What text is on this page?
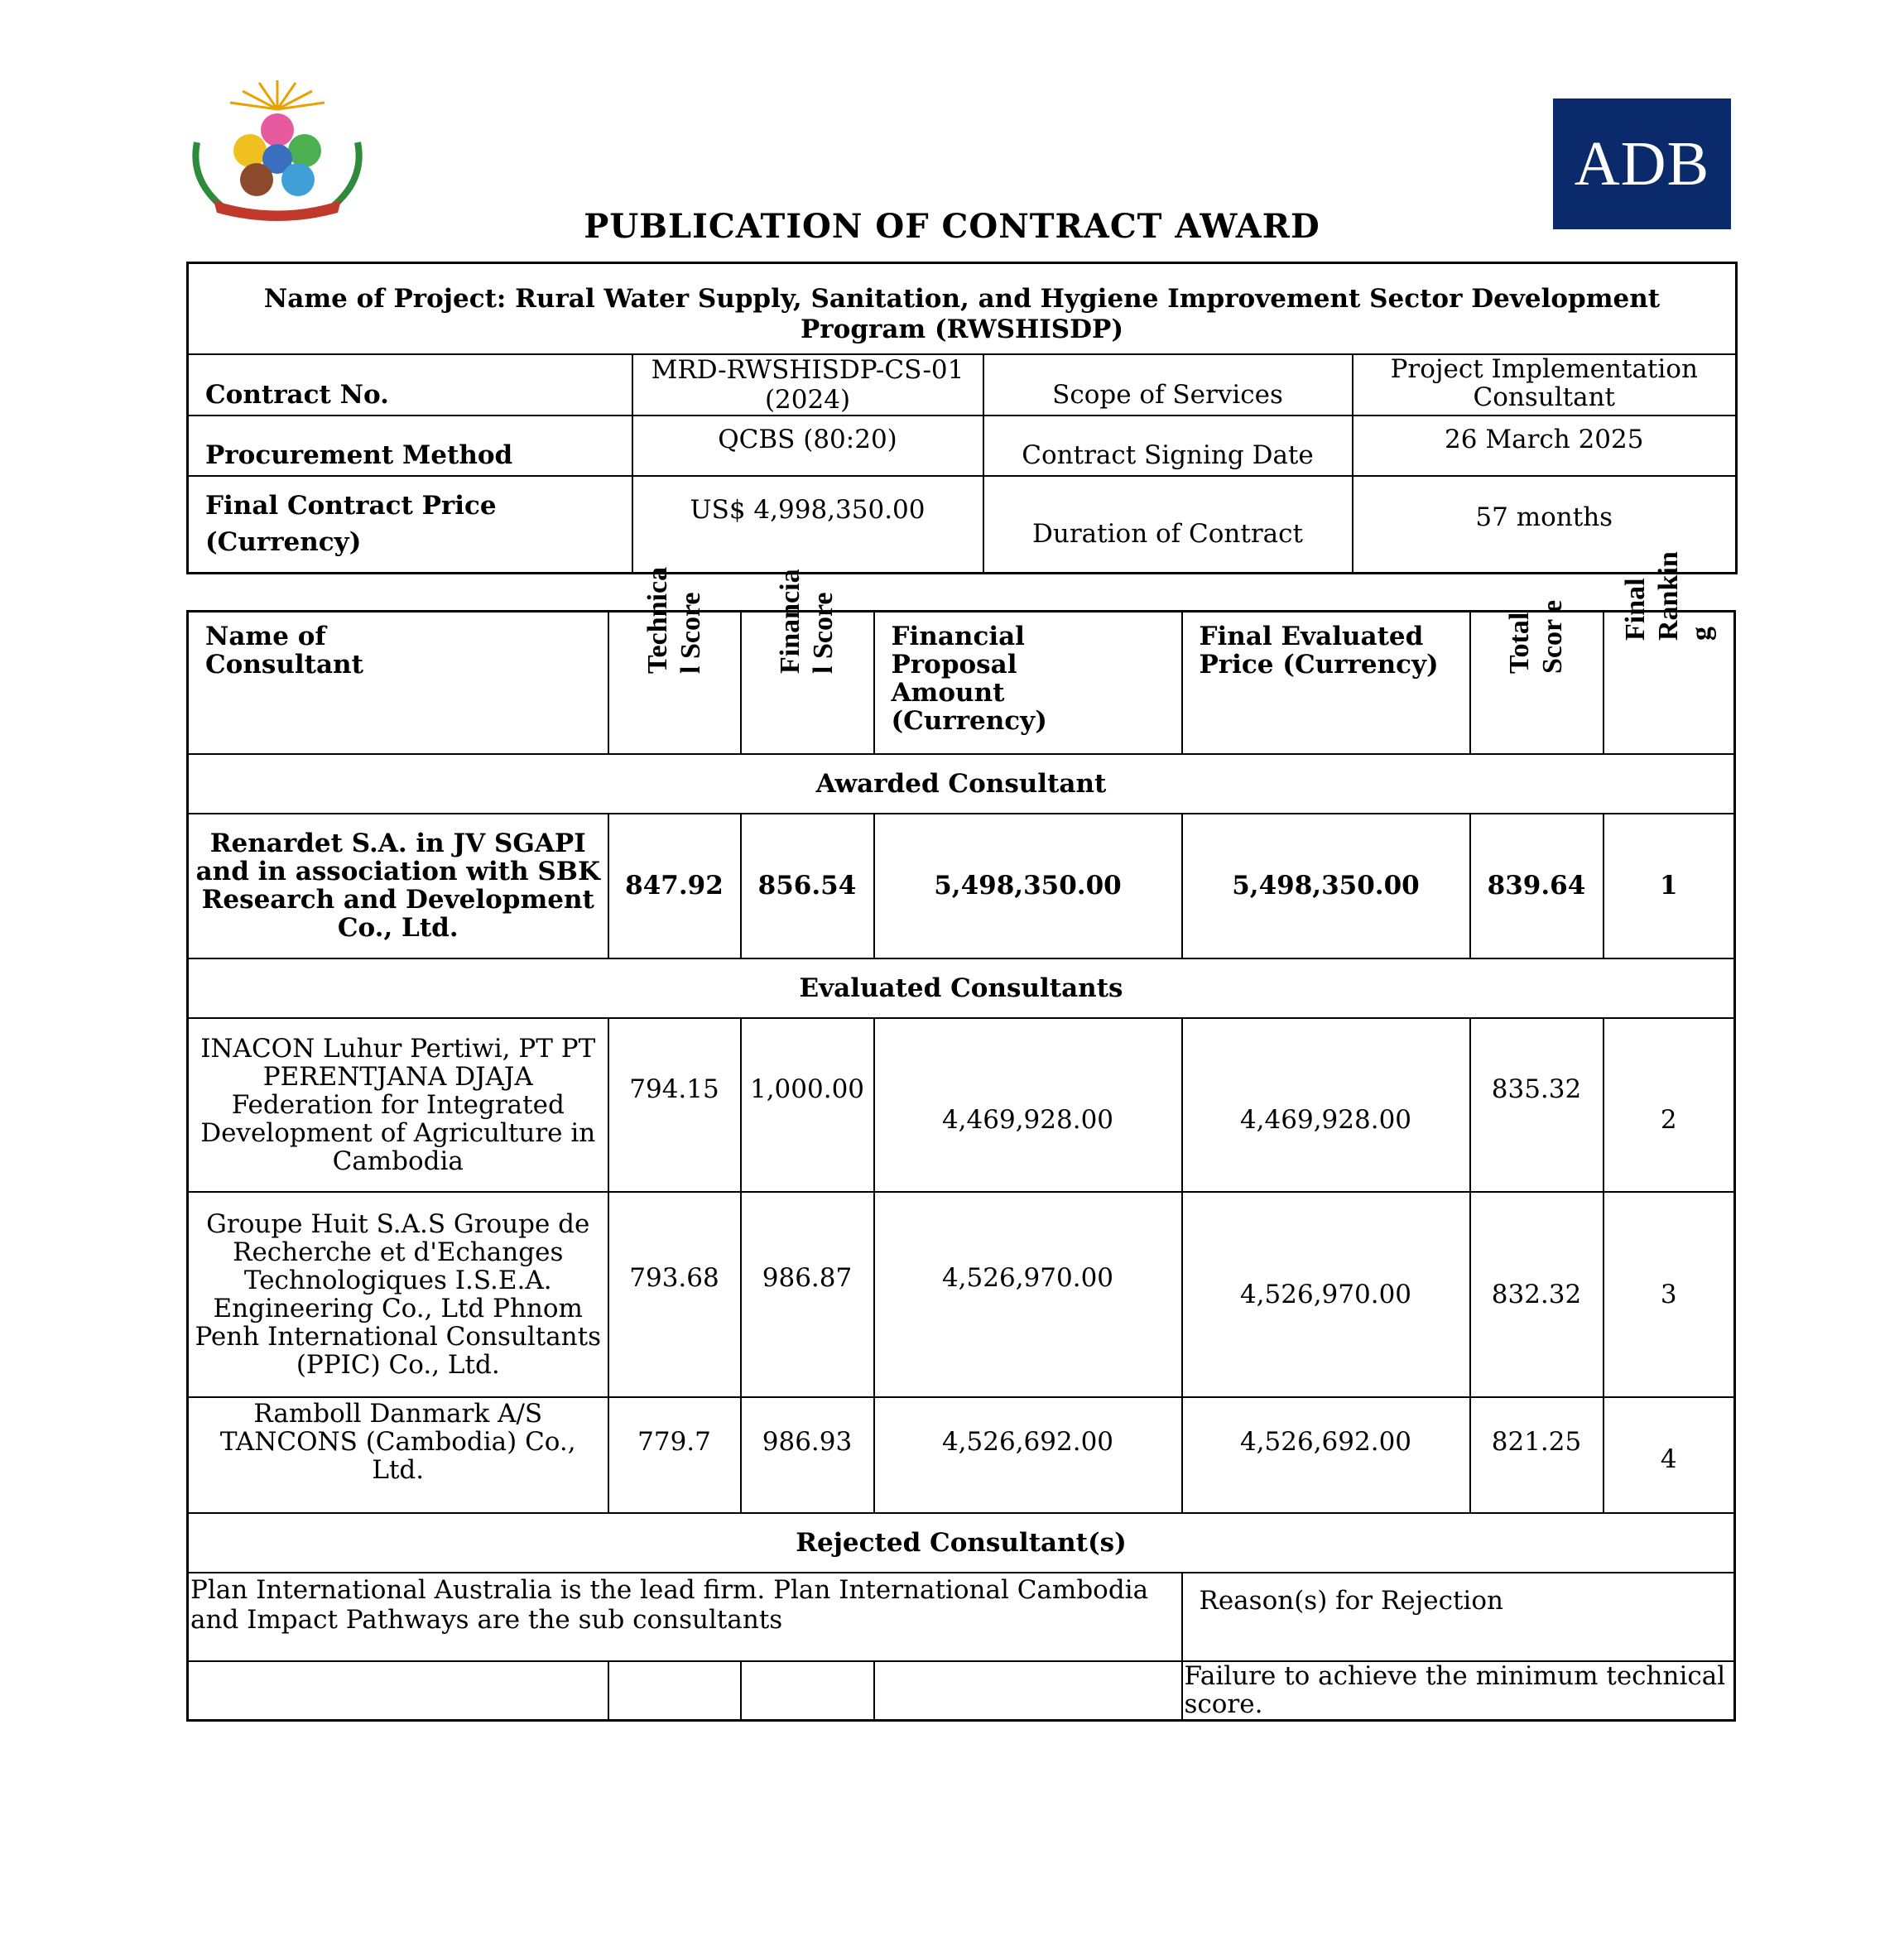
ADB
PUBLICATION OF CONTRACT AWARD
Name of Project: Rural Water Supply, Sanitation, and Hygiene Improvement Sector Development Program (RWSHISDP)			
Contract No.	MRD-RWSHISDP-CS-01 (2024)	Scope of Services	Project Implementation Consultant
Procurement Method	QCBS (80:20)	Contract Signing Date	26 March 2025
Final Contract Price (Currency)	US$ 4,998,350.00	Duration of Contract	57 months
Name of Consultant	Technica l Score	Financia l Score	Financial Proposal Amount (Currency)	Final Evaluated Price (Currency)	Total Scor e	Final Rankin g

Awarded Consultant						
Renardet S.A. in JV SGAPI and in association with SBK Research and Development Co., Ltd.	847.92	856.54	5,498,350.00	5,498,350.00	839.64	1
Evaluated Consultants						
INACON Luhur Pertiwi, PT PT PERENTJANA DJAJA Federation for Integrated Development of Agriculture in Cambodia	794.15	1,000.00	4,469,928.00	4,469,928.00	835.32	2
Groupe Huit S.A.S Groupe de Recherche et d'Echanges Technologiques I.S.E.A. Engineering Co., Ltd Phnom Penh International Consultants (PPIC) Co., Ltd.	793.68	986.87	4,526,970.00	4,526,970.00	832.32	3
Ramboll Danmark A/S TANCONS (Cambodia) Co., Ltd.	779.7	986.93	4,526,692.00	4,526,692.00	821.25	4
Rejected Consultant(s)						
Plan International Australia is the lead firm. Plan International Cambodia and Impact Pathways are the sub consultants				Reason(s) for Rejection		
				Failure to achieve the minimum technical score.		
